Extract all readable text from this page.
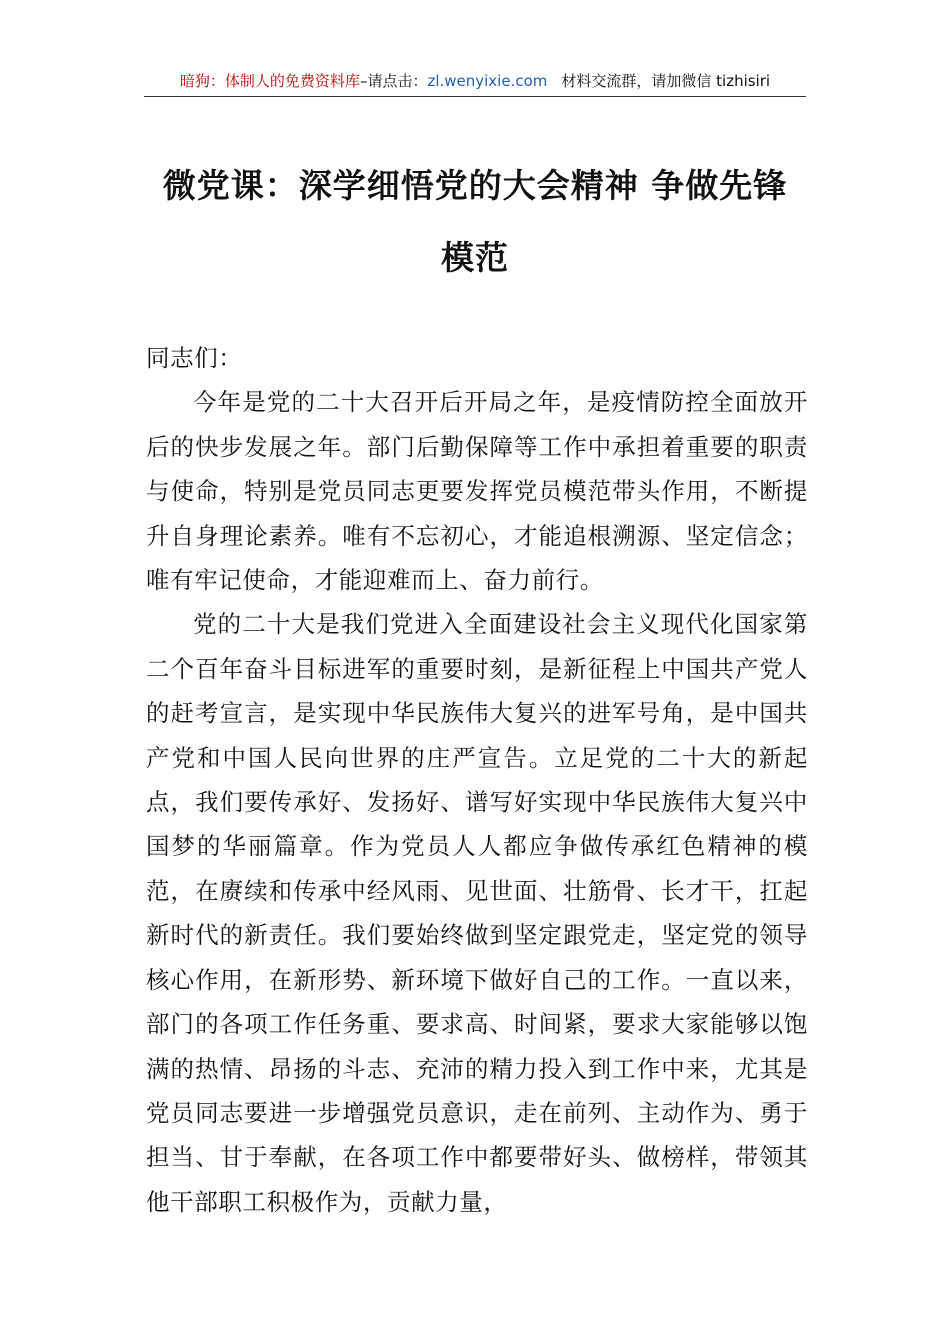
暗狗：体制人的免费资料库–请点击：zl.wenyixie.com 材料交流群，请加微信 tizhisiri
微党课：深学细悟党的大会精神 争做先锋
模范

同志们：

今年是党的二十大召开后开局之年，是疫情防控全面放开后的快步发展之年。部门后勤保障等工作中承担着重要的职责与使命，特别是党员同志更要发挥党员模范带头作用，不断提升自身理论素养。唯有不忘初心，才能追根溯源、坚定信念；唯有牢记使命，才能迎难而上、奋力前行。

党的二十大是我们党进入全面建设社会主义现代化国家第二个百年奋斗目标进军的重要时刻，是新征程上中国共产党人的赶考宣言，是实现中华民族伟大复兴的进军号角，是中国共产党和中国人民向世界的庄严宣告。立足党的二十大的新起点，我们要传承好、发扬好、谱写好实现中华民族伟大复兴中国梦的华丽篇章。作为党员人人都应争做传承红色精神的模范，在赓续和传承中经风雨、见世面、壮筋骨、长才干，扛起新时代的新责任。我们要始终做到坚定跟党走，坚定党的领导核心作用，在新形势、新环境下做好自己的工作。一直以来，部门的各项工作任务重、要求高、时间紧，要求大家能够以饱满的热情、昂扬的斗志、充沛的精力投入到工作中来，尤其是党员同志要进一步增强党员意识，走在前列、主动作为、勇于担当、甘于奉献，在各项工作中都要带好头、做榜样，带领其他干部职工积极作为，贡献力量，
